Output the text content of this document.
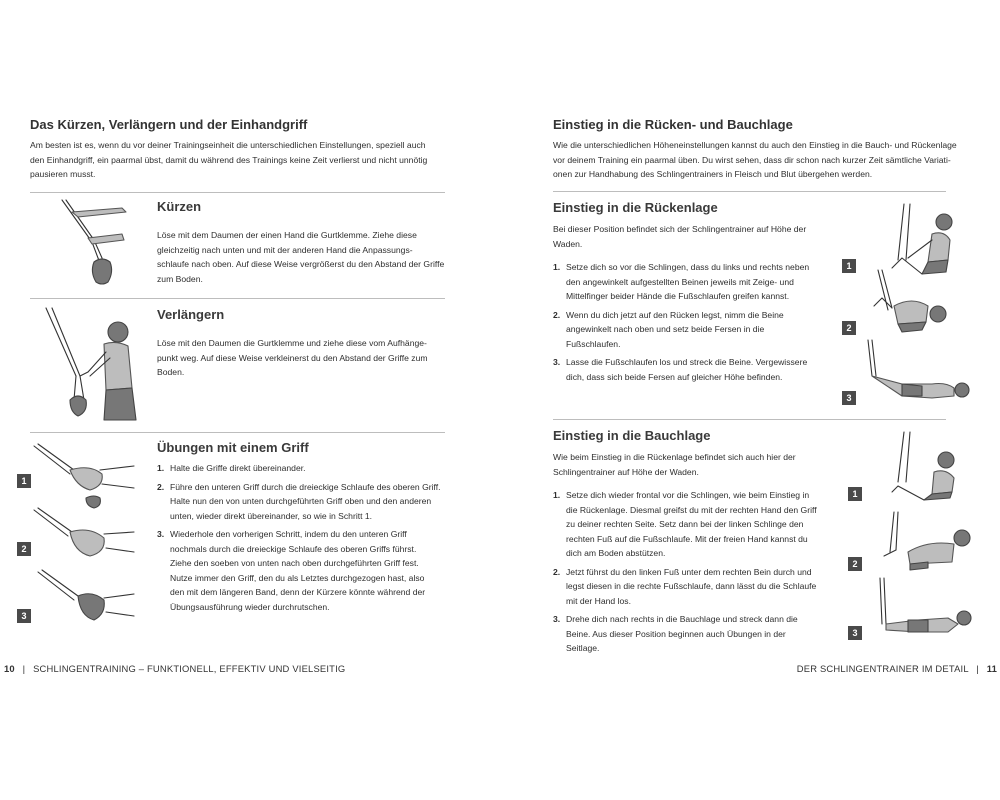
Das Kürzen, Verlängern und der Einhandgriff

Am besten ist es, wenn du vor deiner Trainingseinheit die unterschiedlichen Einstellungen, speziell auch

den Einhandgriff, ein paarmal übst, damit du während des Trainings keine Zeit verlierst und nicht unnötig

pausieren musst.

Kürzen

Löse mit dem Daumen der einen Hand die Gurtklemme. Ziehe diese

gleichzeitig nach unten und mit der anderen Hand die Anpassungs-

schlaufe nach oben. Auf diese Weise vergrößerst du den Abstand der Griffe

zum Boden.

Verlängern

Löse mit den Daumen die Gurtklemme und ziehe diese vom Aufhänge-

punkt weg. Auf diese Weise verkleinerst du den Abstand der Griffe zum

Boden.

1
2
3
Übungen mit einem Griff
1. Halte die Griffe direkt übereinander.
2. Führe den unteren Griff durch die dreieckige Schlaufe des oberen Griff.
Halte nun den von unten durchgeführten Griff oben und den anderen
unten, wieder direkt übereinander, so wie in Schritt 1.
3. Wiederhole den vorherigen Schritt, indem du den unteren Griff
nochmals durch die dreieckige Schlaufe des oberen Griffs führst.
Ziehe den soeben von unten nach oben durchgeführten Griff fest.
Nutze immer den Griff, den du als Letztes durchgezogen hast, also
den mit dem längeren Band, denn der Kürzere könnte während der
Übungsausführung wieder durchrutschen.
Einstieg in die Rücken- und Bauchlage

Wie die unterschiedlichen Höheneinstellungen kannst du auch den Einstieg in die Bauch- und Rückenlage

vor deinem Training ein paarmal üben. Du wirst sehen, dass dir schon nach kurzer Zeit sämtliche Variati-

onen zur Handhabung des Schlingentrainers in Fleisch und Blut übergehen werden.

Einstieg in die Rückenlage

Bei dieser Position befindet sich der Schlingentrainer auf Höhe der

Waden.

1. Setze dich so vor die Schlingen, dass du links und rechts neben
den angewinkelt aufgestellten Beinen jeweils mit Zeige- und
Mittelfinger beider Hände die Fußschlaufen greifen kannst.
2. Wenn du dich jetzt auf den Rücken legst, nimm die Beine
angewinkelt nach oben und setz beide Fersen in die
Fußschlaufen.
3. Lasse die Fußschlaufen los und streck die Beine. Vergewissere
dich, dass sich beide Fersen auf gleicher Höhe befinden.
1
2
3
Einstieg in die Bauchlage

Wie beim Einstieg in die Rückenlage befindet sich auch hier der

Schlingentrainer auf Höhe der Waden.

1. Setze dich wieder frontal vor die Schlingen, wie beim Einstieg in
die Rückenlage. Diesmal greifst du mit der rechten Hand den Griff
zu deiner rechten Seite. Setz dann bei der linken Schlinge den
rechten Fuß auf die Fußschlaufe. Mit der freien Hand kannst du
dich am Boden abstützen.
2. Jetzt führst du den linken Fuß unter dem rechten Bein durch und
legst diesen in die rechte Fußschlaufe, dann lässt du die Schlaufe
mit der Hand los.
3. Drehe dich nach rechts in die Bauchlage und streck dann die
Beine. Aus dieser Position beginnen auch Übungen in der
Seitlage.
1
2
3
10 | SCHLINGENTRAINING – FUNKTIONELL, EFFEKTIV UND VIELSEITIG	DER SCHLINGENTRAINER IM DETAIL | 11
